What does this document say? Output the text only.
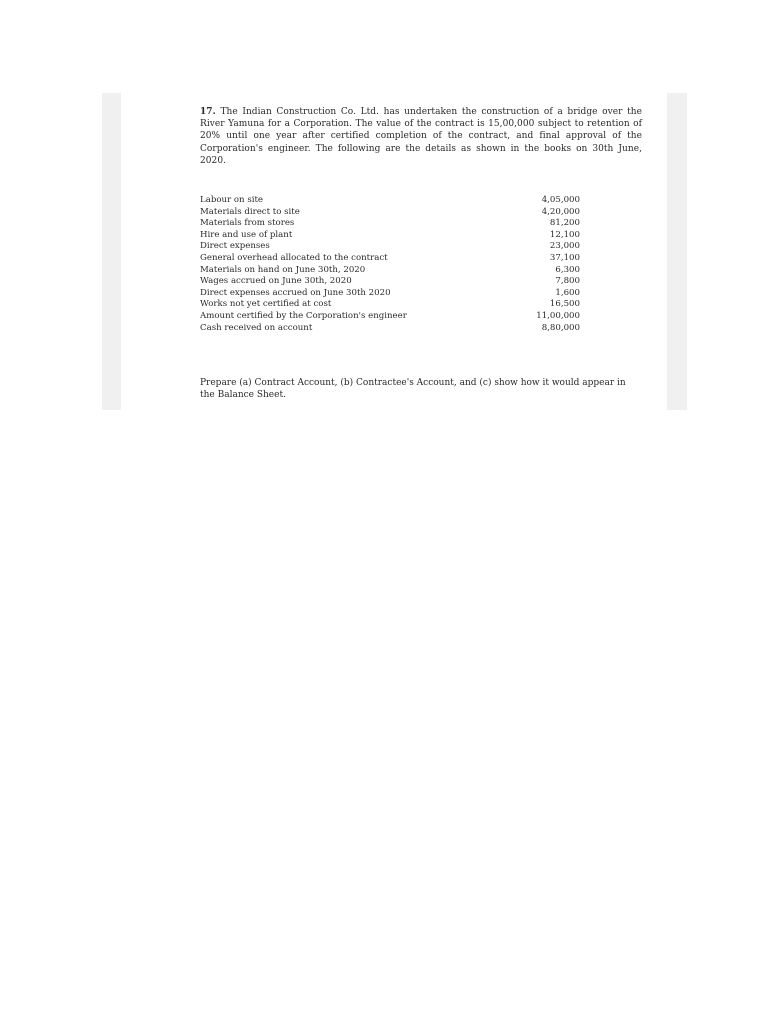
17. The Indian Construction Co. Ltd. has undertaken the construction of a bridge over the River Yamuna for a Corporation. The value of the contract is 15,00,000 subject to retention of 20% until one year after certified completion of the contract, and final approval of the Corporation's engineer. The following are the details as shown in the books on 30th June, 2020.

Labour on site	4,05,000
Materials direct to site	4,20,000
Materials from stores	81,200
Hire and use of plant	12,100
Direct expenses	23,000
General overhead allocated to the contract	37,100
Materials on hand on June 30th, 2020	6,300
Wages accrued on June 30th, 2020	7,800
Direct expenses accrued on June 30th 2020	1,600
Works not yet certified at cost	16,500
Amount certified by the Corporation's engineer	11,00,000
Cash received on account	8,80,000

Prepare (a) Contract Account, (b) Contractee's Account, and (c) show how it would appear in the Balance Sheet.
